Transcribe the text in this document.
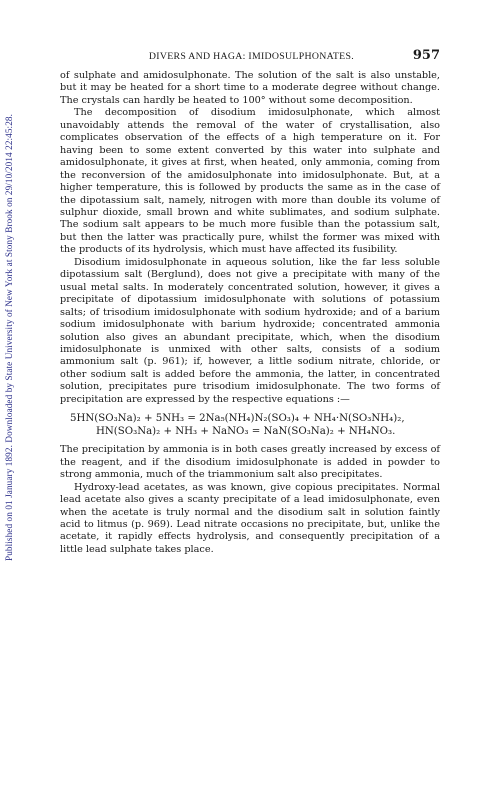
Published on 01 January 1892. Downloaded by State University of New York at Stony Brook on 29/10/2014 22:45:28.
DIVERS AND HAGA: IMIDOSULPHONATES.	957

of sulphate and amidosulphonate. The solution of the salt is also unstable, but it may be heated for a short time to a moderate degree without change. The crystals can hardly be heated to 100° without some decomposition.

The decomposition of disodium imidosulphonate, which almost unavoidably attends the removal of the water of crystallisation, also complicates observation of the effects of a high temperature on it. For having been to some extent converted by this water into sulphate and amidosulphonate, it gives at first, when heated, only ammonia, coming from the reconversion of the amidosulphonate into imidosulphonate. But, at a higher temperature, this is followed by products the same as in the case of the dipotassium salt, namely, nitrogen with more than double its volume of sulphur dioxide, small brown and white sublimates, and sodium sulphate. The sodium salt appears to be much more fusible than the potassium salt, but then the latter was practically pure, whilst the former was mixed with the products of its hydrolysis, which must have affected its fusibility.

Disodium imidosulphonate in aqueous solution, like the far less soluble dipotassium salt (Berglund), does not give a precipitate with many of the usual metal salts. In moderately concentrated solution, however, it gives a precipitate of dipotassium imidosulphonate with solutions of potassium salts; of trisodium imidosulphonate with sodium hydroxide; and of a barium sodium imidosulphonate with barium hydroxide; concentrated ammonia solution also gives an abundant precipitate, which, when the disodium imidosulphonate is unmixed with other salts, consists of a sodium ammonium salt (p. 961); if, however, a little sodium nitrate, chloride, or other sodium salt is added before the ammonia, the latter, in concentrated solution, precipitates pure trisodium imidosulphonate. The two forms of precipitation are expressed by the respective equations :—

5HN(SO₃Na)₂ + 5NH₃ = 2Na₅(NH₄)N₂(SO₃)₄ + NH₄·N(SO₃NH₄)₂,
HN(SO₃Na)₂ + NH₃ + NaNO₃ = NaN(SO₃Na)₂ + NH₄NO₃.

The precipitation by ammonia is in both cases greatly increased by excess of the reagent, and if the disodium imidosulphonate is added in powder to strong ammonia, much of the triammonium salt also precipitates.

Hydroxy-lead acetates, as was known, give copious precipitates. Normal lead acetate also gives a scanty precipitate of a lead imidosulphonate, even when the acetate is truly normal and the disodium salt in solution faintly acid to litmus (p. 969). Lead nitrate occasions no precipitate, but, unlike the acetate, it rapidly effects hydrolysis, and consequently precipitation of a little lead sulphate takes place.
